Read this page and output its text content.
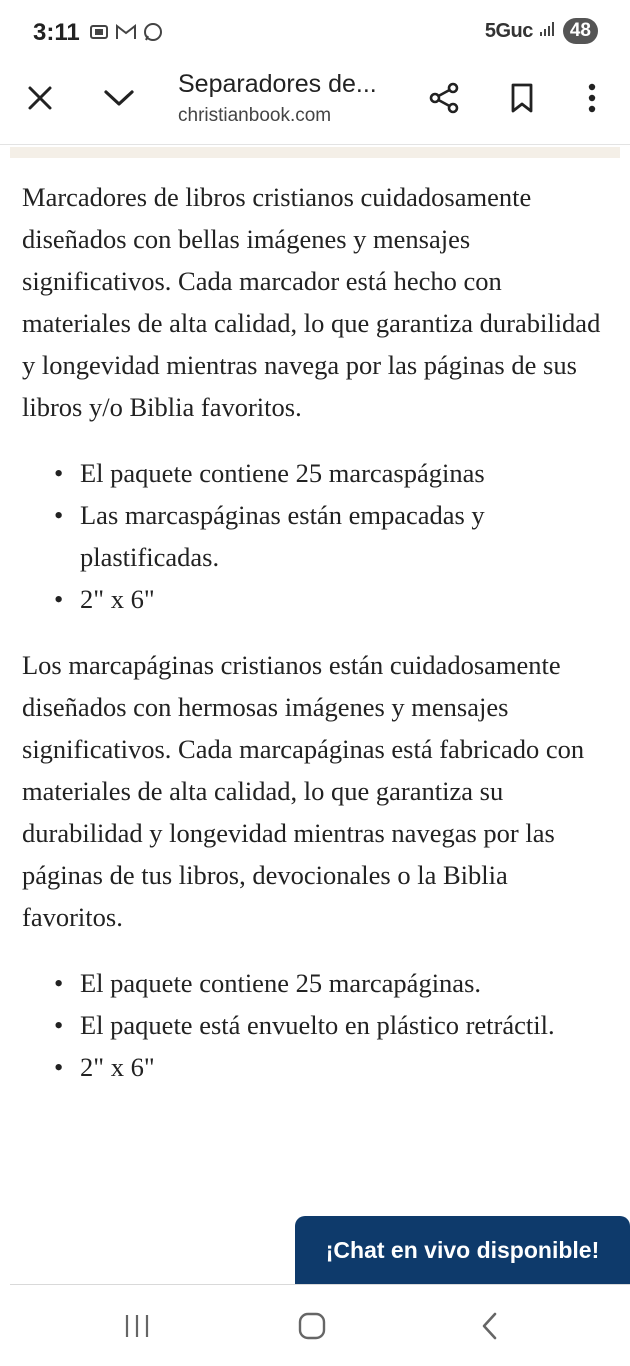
3:11	5Guc	48
Separadores de...
christianbook.com

Marcadores de libros cristianos cuidadosamente diseñados con bellas imágenes y mensajes significativos. Cada marcador está hecho con materiales de alta calidad, lo que garantiza durabilidad y longevidad mientras navega por las páginas de sus libros y/o Biblia favoritos.

• El paquete contiene 25 marcaspáginas
• Las marcaspáginas están empacadas y plastificadas.
• 2" x 6"

Los marcapáginas cristianos están cuidadosamente diseñados con hermosas imágenes y mensajes significativos. Cada marcapáginas está fabricado con materiales de alta calidad, lo que garantiza su durabilidad y longevidad mientras navegas por las páginas de tus libros, devocionales o la Biblia favoritos.

• El paquete contiene 25 marcapáginas.
• El paquete está envuelto en plástico retráctil.
• 2" x 6"
¡Chat en vivo disponible!
